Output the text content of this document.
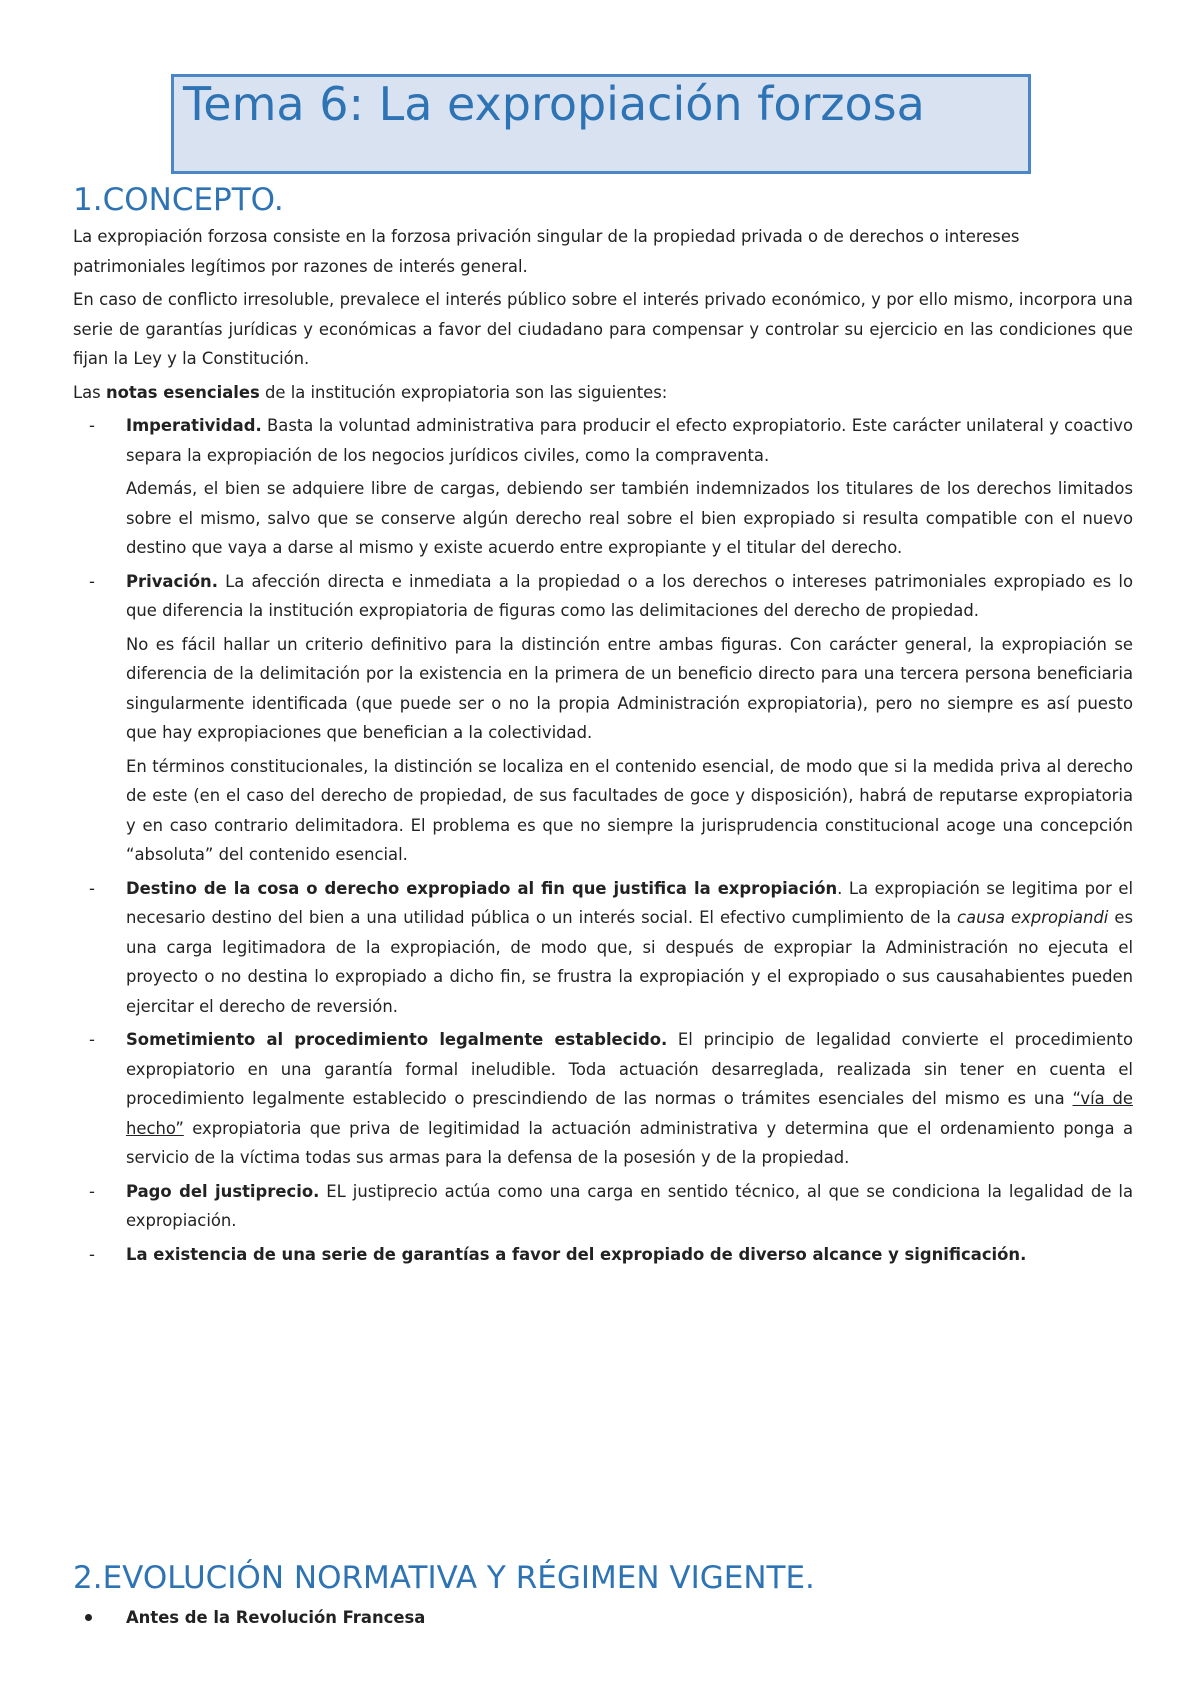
Tema 6: La expropiación forzosa
1.CONCEPTO.

La expropiación forzosa consiste en la forzosa privación singular de la propiedad privada o de derechos o intereses patrimoniales legítimos por razones de interés general.

En caso de conflicto irresoluble, prevalece el interés público sobre el interés privado económico, y por ello mismo, incorpora una serie de garantías jurídicas y económicas a favor del ciudadano para compensar y controlar su ejercicio en las condiciones que fijan la Ley y la Constitución.

Las notas esenciales de la institución expropiatoria son las siguientes:

- Imperatividad. Basta la voluntad administrativa para producir el efecto expropiatorio. Este carácter unilateral y coactivo separa la expropiación de los negocios jurídicos civiles, como la compraventa.

Además, el bien se adquiere libre de cargas, debiendo ser también indemnizados los titulares de los derechos limitados sobre el mismo, salvo que se conserve algún derecho real sobre el bien expropiado si resulta compatible con el nuevo destino que vaya a darse al mismo y existe acuerdo entre expropiante y el titular del derecho.

- Privación. La afección directa e inmediata a la propiedad o a los derechos o intereses patrimoniales expropiado es lo que diferencia la institución expropiatoria de figuras como las delimitaciones del derecho de propiedad.

No es fácil hallar un criterio definitivo para la distinción entre ambas figuras. Con carácter general, la expropiación se diferencia de la delimitación por la existencia en la primera de un beneficio directo para una tercera persona beneficiaria singularmente identificada (que puede ser o no la propia Administración expropiatoria), pero no siempre es así puesto que hay expropiaciones que benefician a la colectividad.

En términos constitucionales, la distinción se localiza en el contenido esencial, de modo que si la medida priva al derecho de este (en el caso del derecho de propiedad, de sus facultades de goce y disposición), habrá de reputarse expropiatoria y en caso contrario delimitadora. El problema es que no siempre la jurisprudencia constitucional acoge una concepción “absoluta” del contenido esencial.

- Destino de la cosa o derecho expropiado al fin que justifica la expropiación. La expropiación se legitima por el necesario destino del bien a una utilidad pública o un interés social. El efectivo cumplimiento de la causa expropiandi es una carga legitimadora de la expropiación, de modo que, si después de expropiar la Administración no ejecuta el proyecto o no destina lo expropiado a dicho fin, se frustra la expropiación y el expropiado o sus causahabientes pueden ejercitar el derecho de reversión.
- Sometimiento al procedimiento legalmente establecido. El principio de legalidad convierte el procedimiento expropiatorio en una garantía formal ineludible. Toda actuación desarreglada, realizada sin tener en cuenta el procedimiento legalmente establecido o prescindiendo de las normas o trámites esenciales del mismo es una “vía de hecho” expropiatoria que priva de legitimidad la actuación administrativa y determina que el ordenamiento ponga a servicio de la víctima todas sus armas para la defensa de la posesión y de la propiedad.
- Pago del justiprecio. EL justiprecio actúa como una carga en sentido técnico, al que se condiciona la legalidad de la expropiación.
- La existencia de una serie de garantías a favor del expropiado de diverso alcance y significación.
2.EVOLUCIÓN NORMATIVA Y RÉGIMEN VIGENTE.
Antes de la Revolución Francesa
